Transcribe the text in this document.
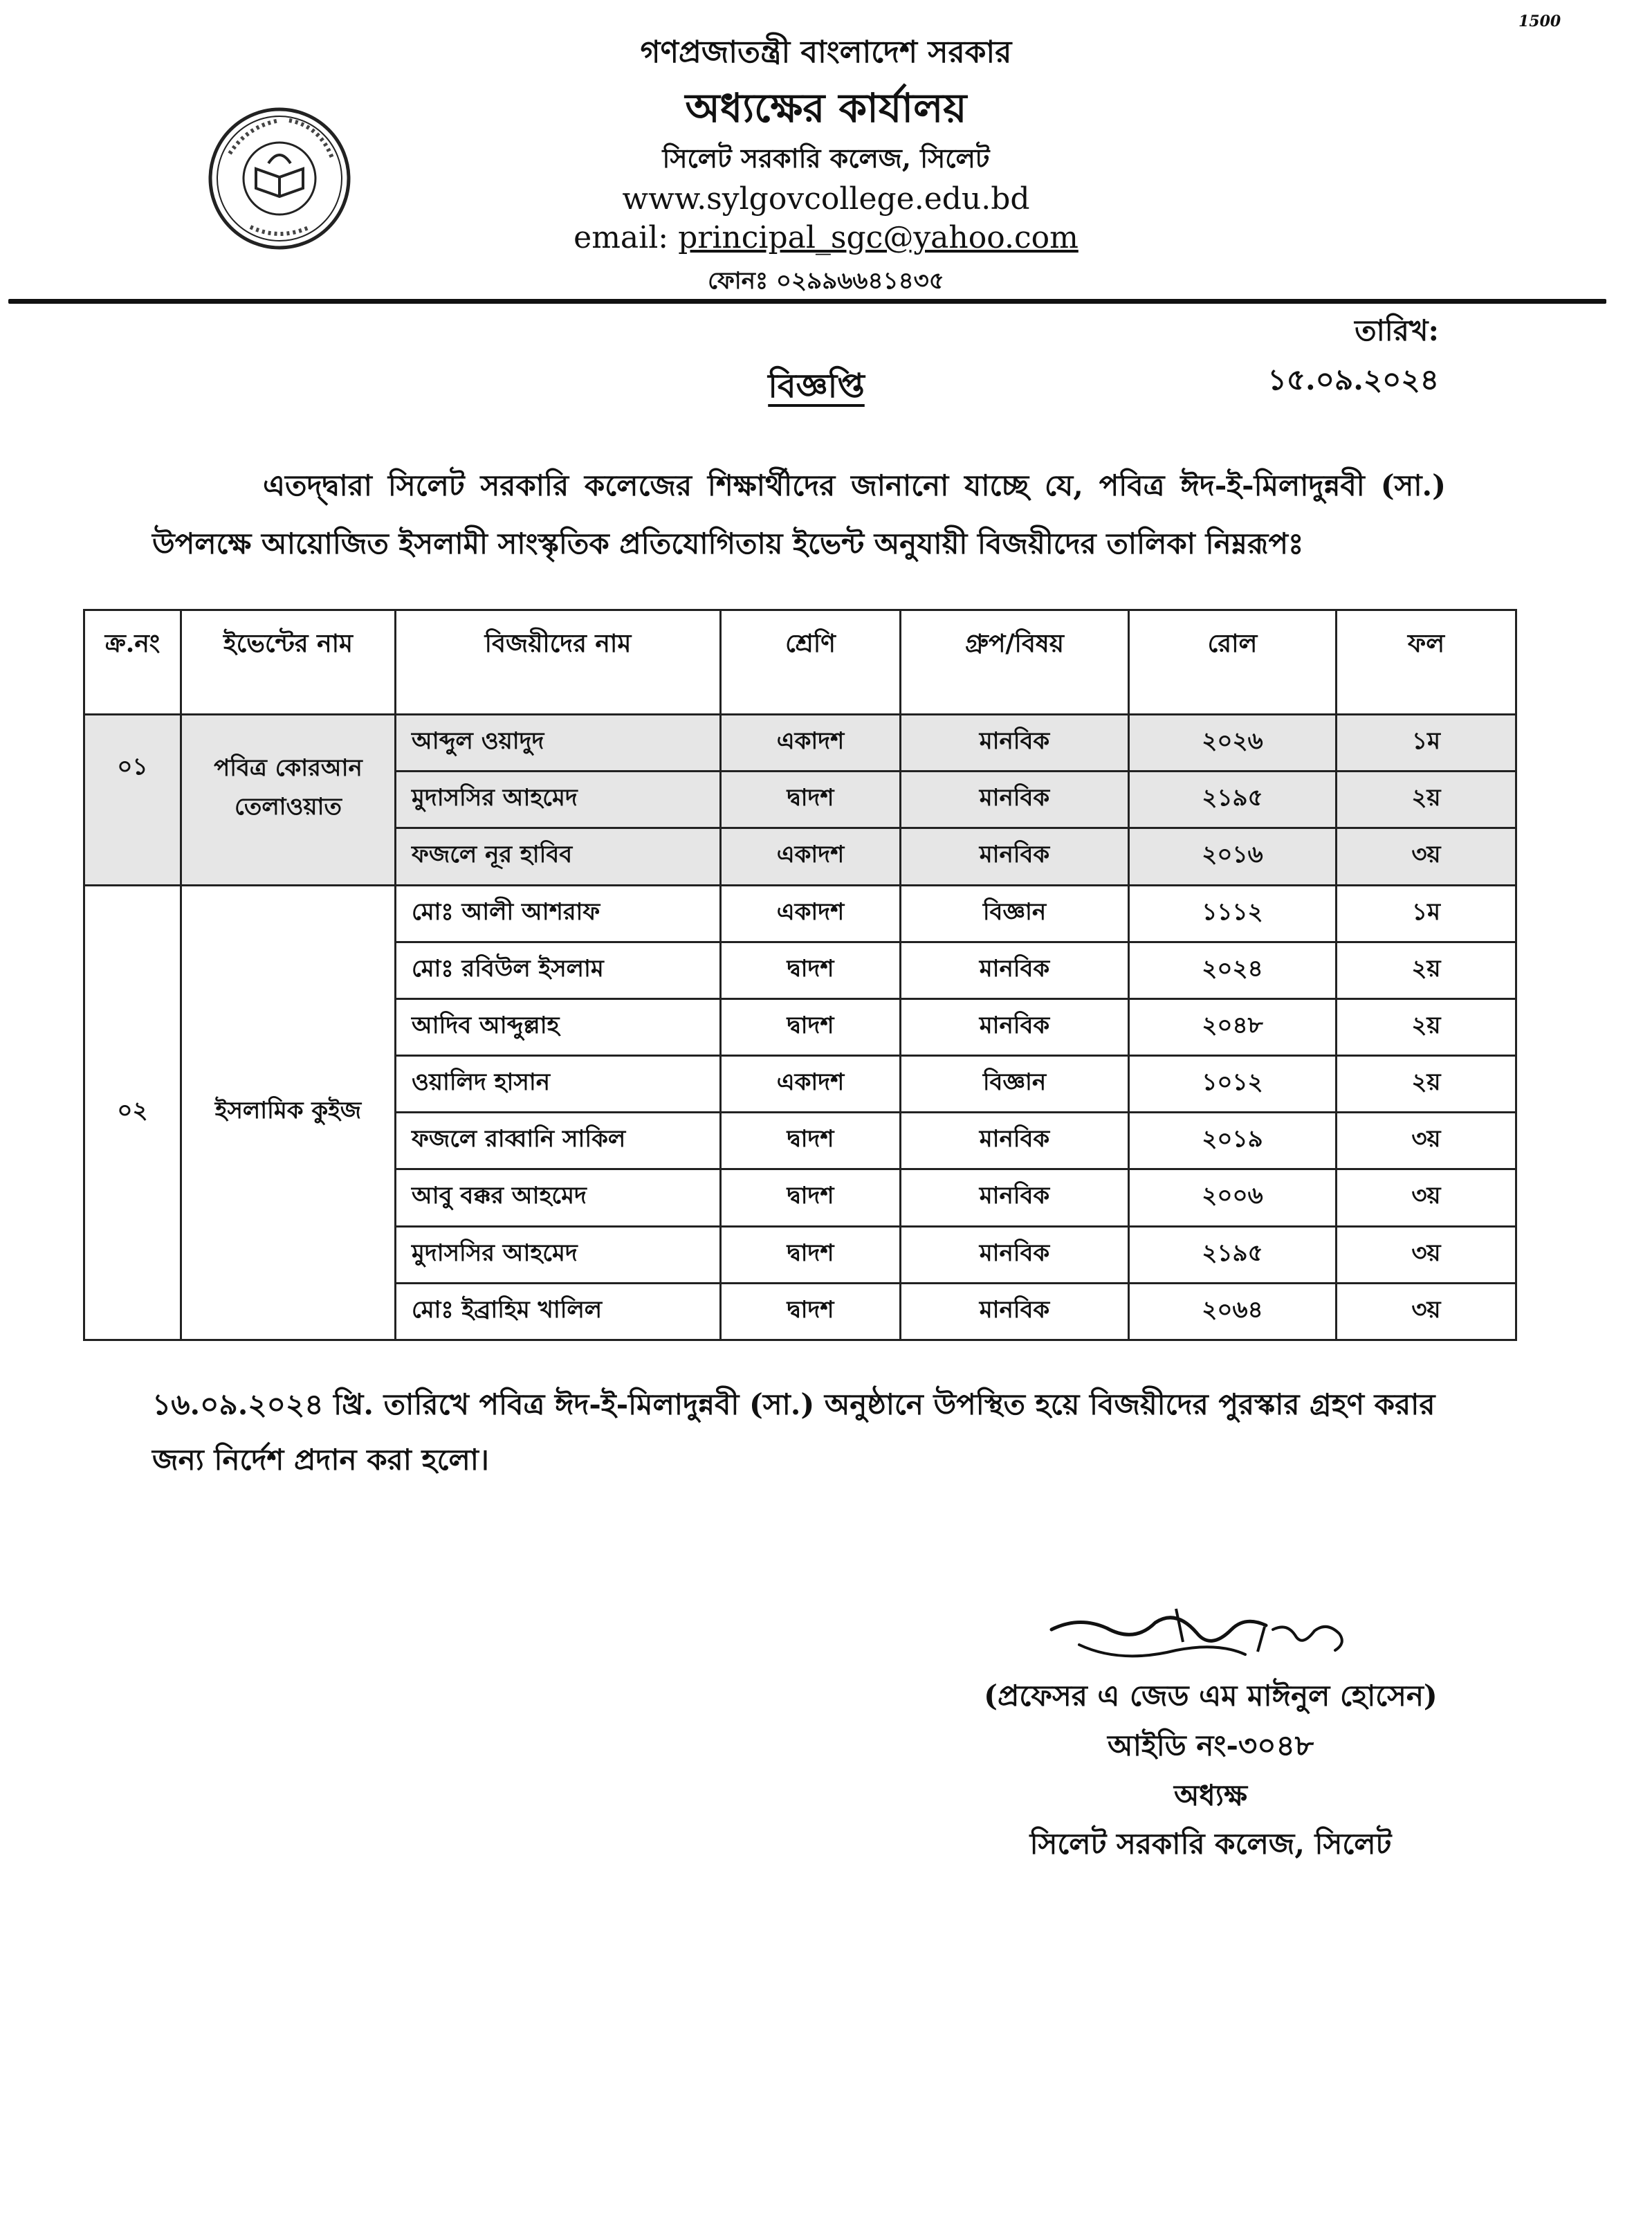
1500
গণপ্রজাতন্ত্রী বাংলাদেশ সরকার
অধ্যক্ষের কার্যালয়
সিলেট সরকারি কলেজ, সিলেট
www.sylgovcollege.edu.bd
email: principal_sgc@yahoo.com
ফোনঃ ০২৯৯৬৬৪১৪৩৫
তারিখ: ১৫.০৯.২০২৪
বিজ্ঞপ্তি
এতদ্‌দ্বারা সিলেট সরকারি কলেজের শিক্ষার্থীদের জানানো যাচ্ছে যে, পবিত্র ঈদ-ই-মিলাদুন্নবী (সা.) উপলক্ষে আয়োজিত ইসলামী সাংস্কৃতিক প্রতিযোগিতায় ইভেন্ট অনুযায়ী বিজয়ীদের তালিকা নিম্নরূপঃ
ক্র.নং	ইভেন্টের নাম	বিজয়ীদের নাম	শ্রেণি	গ্রুপ/বিষয়	রোল	ফল
০১	পবিত্র কোরআন তেলাওয়াত	আব্দুল ওয়াদুদ	একাদশ	মানবিক	২০২৬	১ম
		মুদাসসির আহমেদ	দ্বাদশ	মানবিক	২১৯৫	২য়
		ফজলে নূর হাবিব	একাদশ	মানবিক	২০১৬	৩য়
০২	ইসলামিক কুইজ	মোঃ আলী আশরাফ	একাদশ	বিজ্ঞান	১১১২	১ম
		মোঃ রবিউল ইসলাম	দ্বাদশ	মানবিক	২০২৪	২য়
		আদিব আব্দুল্লাহ	দ্বাদশ	মানবিক	২০৪৮	২য়
		ওয়ালিদ হাসান	একাদশ	বিজ্ঞান	১০১২	২য়
		ফজলে রাব্বানি সাকিল	দ্বাদশ	মানবিক	২০১৯	৩য়
		আবু বক্কর আহমেদ	দ্বাদশ	মানবিক	২০০৬	৩য়
		মুদাসসির আহমেদ	দ্বাদশ	মানবিক	২১৯৫	৩য়
		মোঃ ইব্রাহিম খালিল	দ্বাদশ	মানবিক	২০৬৪	৩য়
১৬.০৯.২০২৪ খ্রি. তারিখে পবিত্র ঈদ-ই-মিলাদুন্নবী (সা.) অনুষ্ঠানে উপস্থিত হয়ে বিজয়ীদের পুরস্কার গ্রহণ করার জন্য নির্দেশ প্রদান করা হলো।
(প্রফেসর এ জেড এম মাঈনুল হোসেন)
আইডি নং-৩০৪৮
অধ্যক্ষ
সিলেট সরকারি কলেজ, সিলেট
